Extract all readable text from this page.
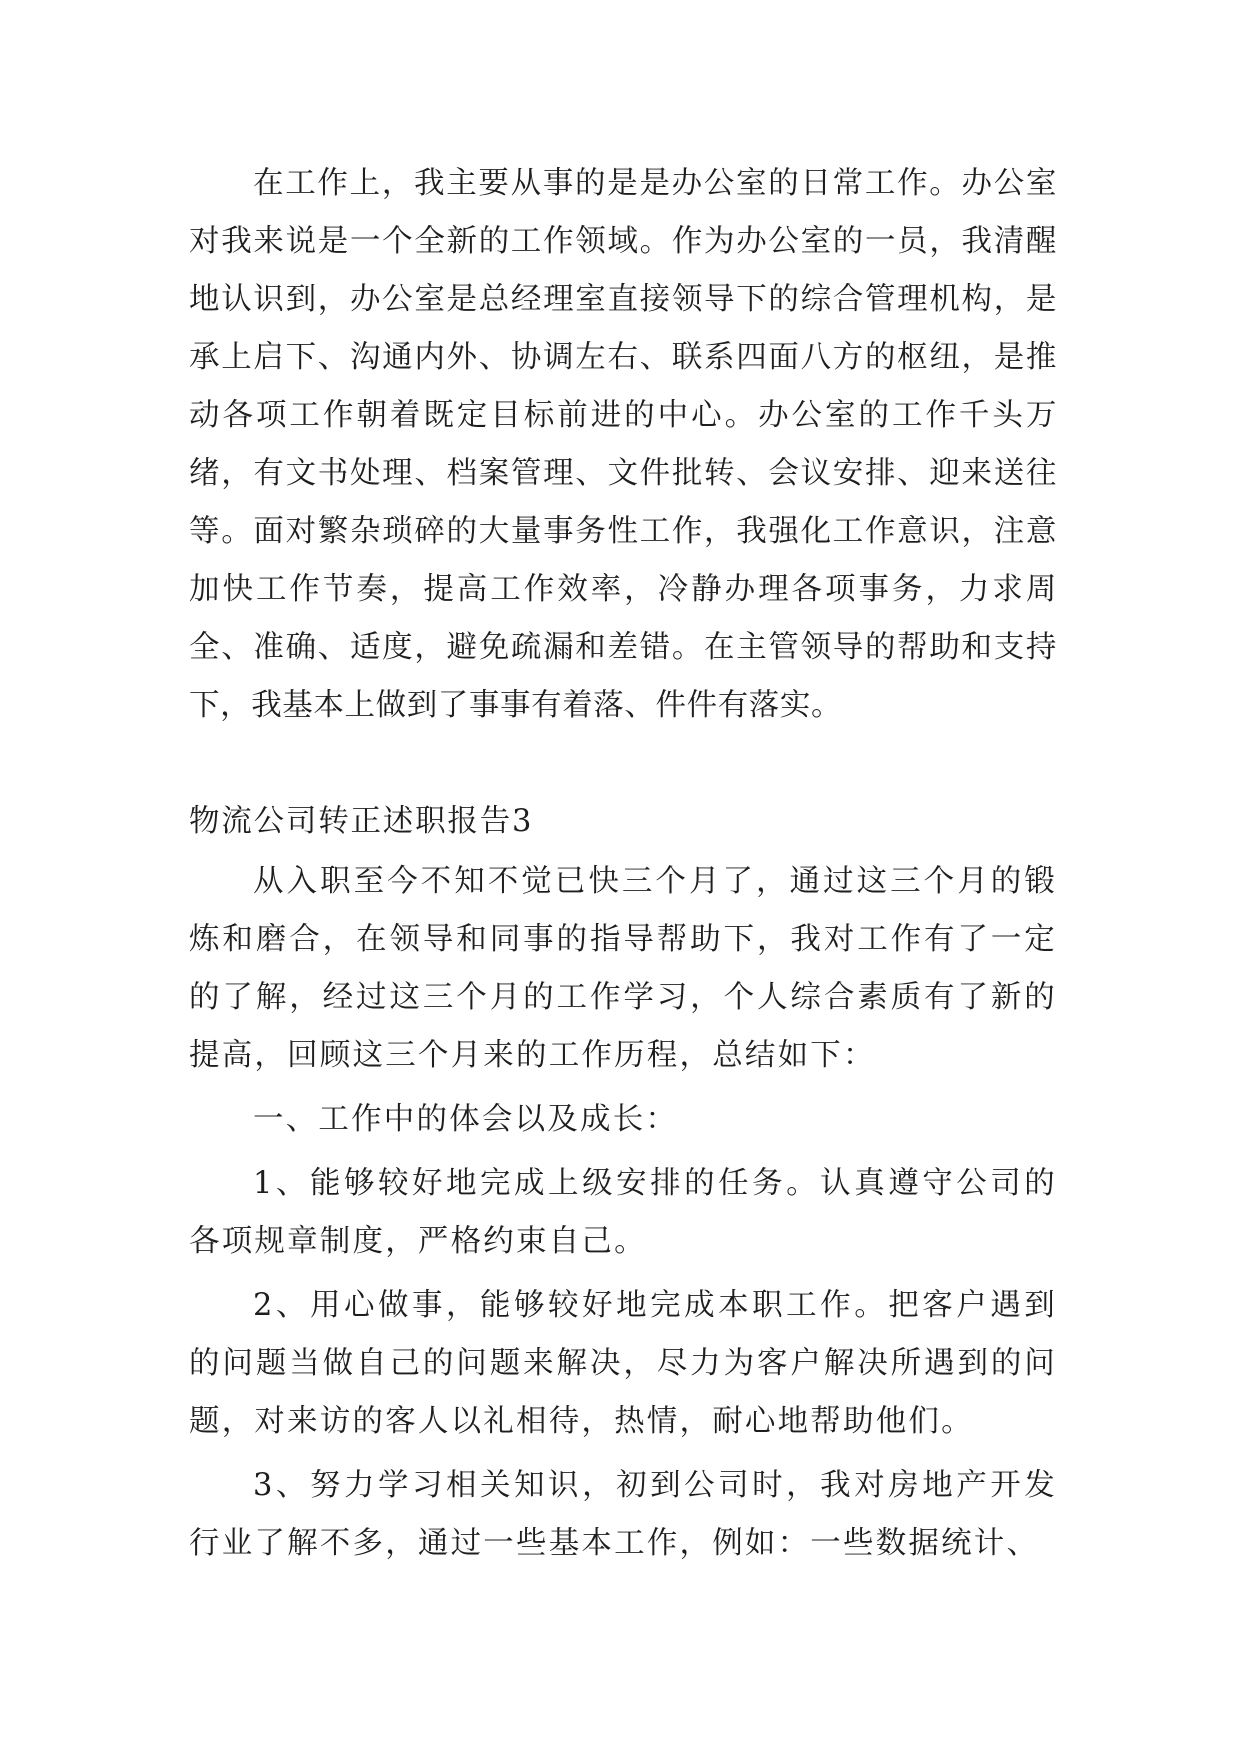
在工作上，我主要从事的是是办公室的日常工作。办公室对我来说是一个全新的工作领域。作为办公室的一员，我清醒地认识到，办公室是总经理室直接领导下的综合管理机构，是承上启下、沟通内外、协调左右、联系四面八方的枢纽，是推动各项工作朝着既定目标前进的中心。办公室的工作千头万绪，有文书处理、档案管理、文件批转、会议安排、迎来送往等。面对繁杂琐碎的大量事务性工作，我强化工作意识，注意加快工作节奏，提高工作效率，冷静办理各项事务，力求周全、准确、适度，避免疏漏和差错。在主管领导的帮助和支持下，我基本上做到了事事有着落、件件有落实。

物流公司转正述职报告3

从入职至今不知不觉已快三个月了，通过这三个月的锻炼和磨合，在领导和同事的指导帮助下，我对工作有了一定的了解，经过这三个月的工作学习，个人综合素质有了新的提高，回顾这三个月来的工作历程，总结如下：

一、工作中的体会以及成长：

1、能够较好地完成上级安排的任务。认真遵守公司的各项规章制度，严格约束自己。

2、用心做事，能够较好地完成本职工作。把客户遇到的问题当做自己的问题来解决，尽力为客户解决所遇到的问题，对来访的客人以礼相待，热情，耐心地帮助他们。

3、努力学习相关知识，初到公司时，我对房地产开发行业了解不多，通过一些基本工作，例如：一些数据统计、
